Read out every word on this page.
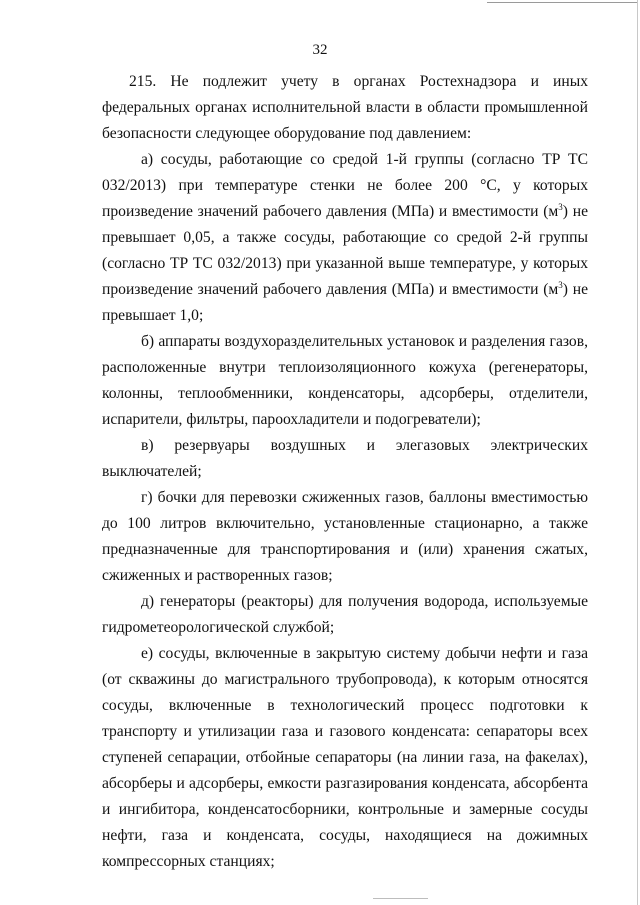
32

215. Не подлежит учету в органах Ростехнадзора и иных федеральных органах исполнительной власти в области промышленной безопасности следующее оборудование под давлением:

а) сосуды, работающие со средой 1-й группы (согласно ТР ТС 032/2013) при температуре стенки не более 200 °С, у которых произведение значений рабочего давления (МПа) и вместимости $(м^3)$ не превышает 0,05, а также сосуды, работающие со средой 2-й группы (согласно ТР ТС 032/2013) при указанной выше температуре, у которых произведение значений рабочего давления (МПа) и вместимости $(м^3)$ не превышает 1,0;

б) аппараты воздухоразделительных установок и разделения газов, расположенные внутри теплоизоляционного кожуха (регенераторы, колонны, теплообменники, конденсаторы, адсорберы, отделители, испарители, фильтры, пароохладители и подогреватели);

в) резервуары воздушных и элегазовых электрических выключателей;

г) бочки для перевозки сжиженных газов, баллоны вместимостью до 100 литров включительно, установленные стационарно, а также предназначенные для транспортирования и (или) хранения сжатых, сжиженных и растворенных газов;

д) генераторы (реакторы) для получения водорода, используемые гидрометеорологической службой;

е) сосуды, включенные в закрытую систему добычи нефти и газа (от скважины до магистрального трубопровода), к которым относятся сосуды, включенные в технологический процесс подготовки к транспорту и утилизации газа и газового конденсата: сепараторы всех ступеней сепарации, отбойные сепараторы (на линии газа, на факелах), абсорберы и адсорберы, емкости разгазирования конденсата, абсорбента и ингибитора, конденсатосборники, контрольные и замерные сосуды нефти, газа и конденсата, сосуды, находящиеся на дожимных компрессорных станциях;
